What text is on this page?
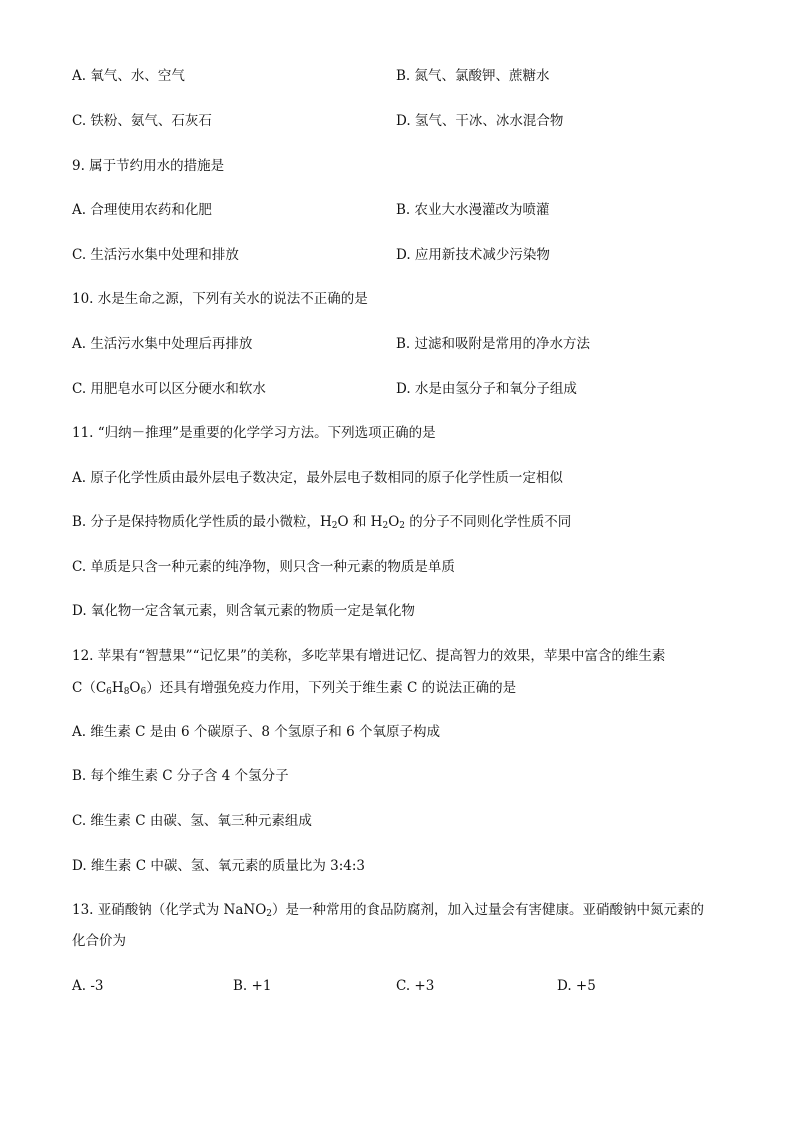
A. 氧气、水、空气	B. 氮气、氯酸钾、蔗糖水
C. 铁粉、氨气、石灰石	D. 氢气、干冰、冰水混合物
9. 属于节约用水的措施是
A. 合理使用农药和化肥	B. 农业大水漫灌改为喷灌
C. 生活污水集中处理和排放	D. 应用新技术减少污染物
10. 水是生命之源，下列有关水的说法不正确的是
A. 生活污水集中处理后再排放	B. 过滤和吸附是常用的净水方法
C. 用肥皂水可以区分硬水和软水	D. 水是由氢分子和氧分子组成
11. “归纳－推理”是重要的化学学习方法。下列选项正确的是
A. 原子化学性质由最外层电子数决定，最外层电子数相同的原子化学性质一定相似
B. 分子是保持物质化学性质的最小微粒，$H_2O$ 和 $H_2O_2$ 的分子不同则化学性质不同
C. 单质是只含一种元素的纯净物，则只含一种元素的物质是单质
D. 氧化物一定含氧元素，则含氧元素的物质一定是氧化物
12. 苹果有“智慧果”“记忆果”的美称，多吃苹果有增进记忆、提高智力的效果，苹果中富含的维生素
$C(C_6H_8O_6)$还具有增强免疫力作用，下列关于维生素 C 的说法正确的是
A. 维生素 C 是由 6 个碳原子、8 个氢原子和 6 个氧原子构成
B. 每个维生素 C 分子含 4 个氢分子
C. 维生素 C 由碳、氢、氧三种元素组成
D. 维生素 C 中碳、氢、氧元素的质量比为 3:4:3
13. 亚硝酸钠（化学式为 NaNO$_2$）是一种常用的食品防腐剂，加入过量会有害健康。亚硝酸钠中氮元素的
化合价为
A. -3	B. +1	C. +3	D. +5
